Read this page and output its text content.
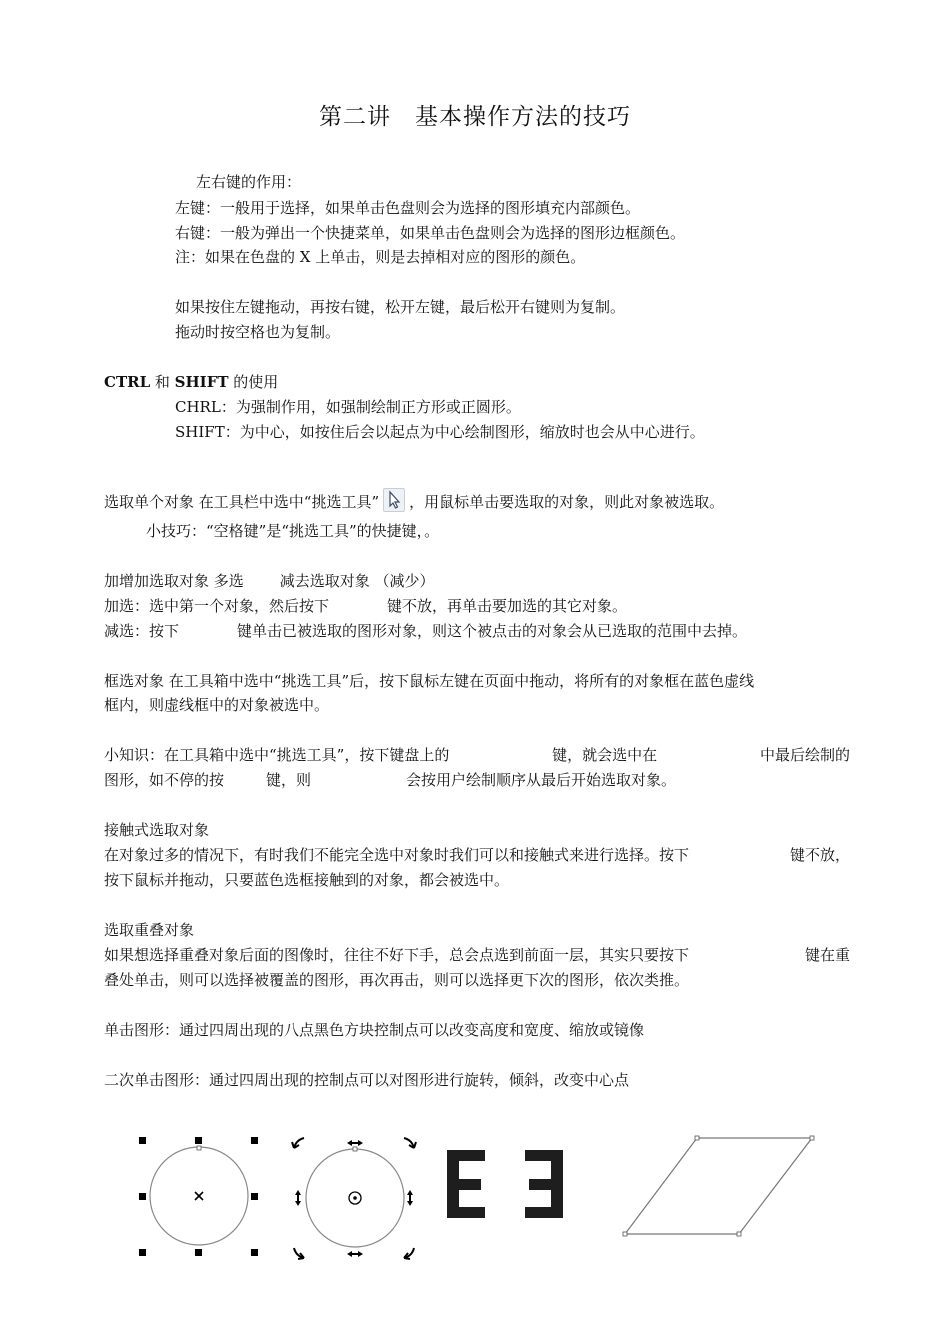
第二讲　基本操作方法的技巧
左右键的作用：
左键：一般用于选择，如果单击色盘则会为选择的图形填充内部颜色。
右键：一般为弹出一个快捷菜单，如果单击色盘则会为选择的图形边框颜色。
注：如果在色盘的 X 上单击，则是去掉相对应的图形的颜色。
如果按住左键拖动，再按右键，松开左键，最后松开右键则为复制。
拖动时按空格也为复制。
CTRL 和 SHIFT 的使用
CHRL：为强制作用，如强制绘制正方形或正圆形。
SHIFT：为中心，如按住后会以起点为中心绘制图形，缩放时也会从中心进行。
选取单个对象 在工具栏中选中“挑选工具” ，用鼠标单击要选取的对象，则此对象被选取。
小技巧：“空格键”是“挑选工具”的快捷键，。
加增加选取对象 多选 减去选取对象 （减少）
加选：选中第一个对象，然后按下	键不放，再单击要加选的其它对象。
减选：按下	键单击已被选取的图形对象，则这个被点击的对象会从已选取的范围中去掉。
框选对象 在工具箱中选中“挑选工具”后，按下鼠标左键在页面中拖动，将所有的对象框在蓝色虚线
框内，则虚线框中的对象被选中。
小知识：在工具箱中选中“挑选工具”，按下键盘上的	键，就会选中在	中最后绘制的
图形，如不停的按	键，则	会按用户绘制顺序从最后开始选取对象。
接触式选取对象
在对象过多的情况下，有时我们不能完全选中对象时我们可以和接触式来进行选择。按下	键不放，
按下鼠标并拖动，只要蓝色选框接触到的对象，都会被选中。
选取重叠对象
如果想选择重叠对象后面的图像时，往往不好下手，总会点选到前面一层，其实只要按下	键在重
叠处单击，则可以选择被覆盖的图形，再次再击，则可以选择更下次的图形，依次类推。
单击图形：通过四周出现的八点黑色方块控制点可以改变高度和宽度、缩放或镜像
二次单击图形：通过四周出现的控制点可以对图形进行旋转，倾斜，改变中心点
